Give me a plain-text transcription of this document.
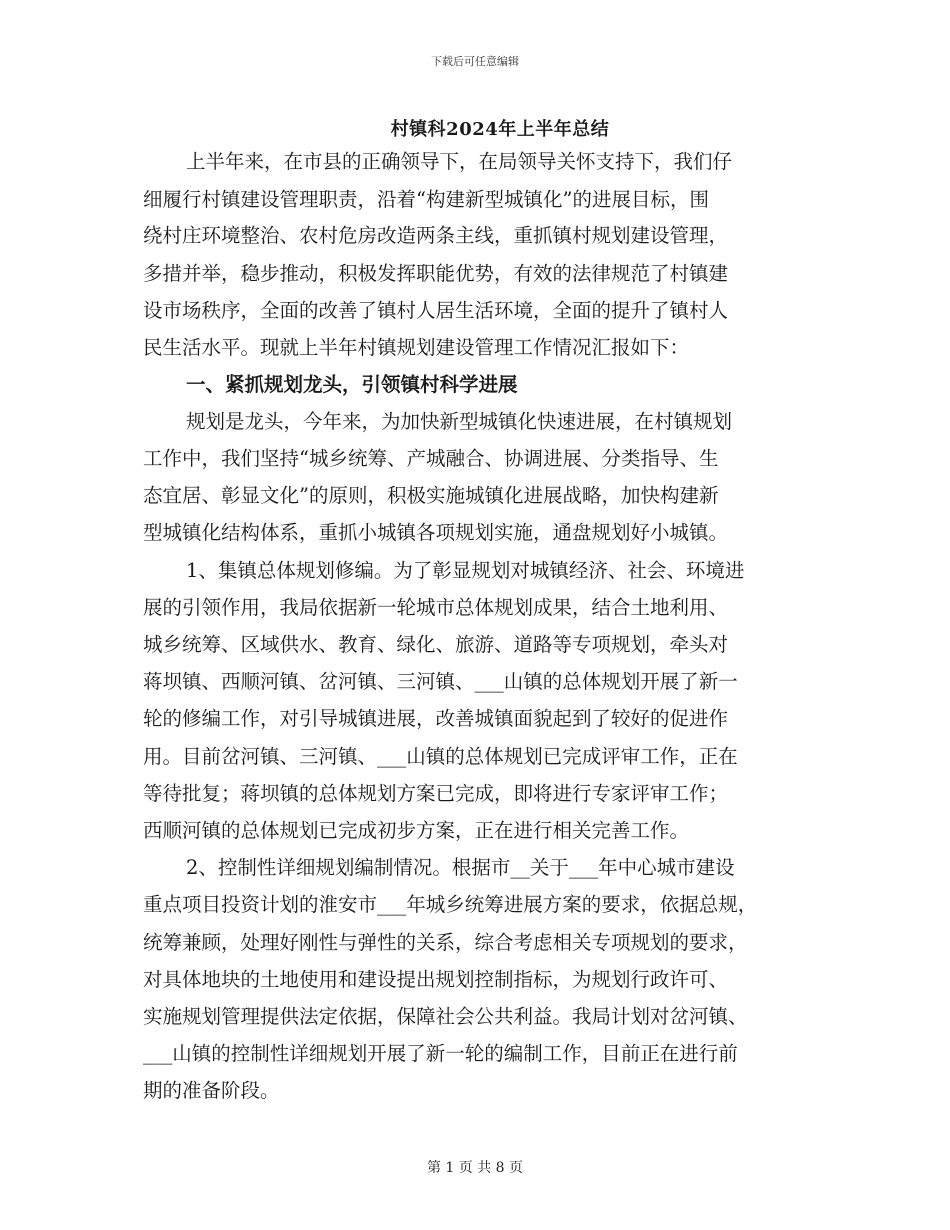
下载后可任意编辑
村镇科2024年上半年总结
上半年来，在市县的正确领导下，在局领导关怀支持下，我们仔
细履行村镇建设管理职责，沿着“构建新型城镇化”的进展目标，围
绕村庄环境整治、农村危房改造两条主线，重抓镇村规划建设管理，
多措并举，稳步推动，积极发挥职能优势，有效的法律规范了村镇建
设市场秩序，全面的改善了镇村人居生活环境，全面的提升了镇村人
民生活水平。现就上半年村镇规划建设管理工作情况汇报如下：
一、紧抓规划龙头，引领镇村科学进展
规划是龙头，今年来，为加快新型城镇化快速进展，在村镇规划
工作中，我们坚持“城乡统筹、产城融合、协调进展、分类指导、生
态宜居、彰显文化”的原则，积极实施城镇化进展战略，加快构建新
型城镇化结构体系，重抓小城镇各项规划实施，通盘规划好小城镇。
1、集镇总体规划修编。为了彰显规划对城镇经济、社会、环境进
展的引领作用，我局依据新一轮城市总体规划成果，结合土地利用、
城乡统筹、区域供水、教育、绿化、旅游、道路等专项规划，牵头对
蒋坝镇、西顺河镇、岔河镇、三河镇、___山镇的总体规划开展了新一
轮的修编工作，对引导城镇进展，改善城镇面貌起到了较好的促进作
用。目前岔河镇、三河镇、___山镇的总体规划已完成评审工作，正在
等待批复；蒋坝镇的总体规划方案已完成，即将进行专家评审工作；
西顺河镇的总体规划已完成初步方案，正在进行相关完善工作。
2、控制性详细规划编制情况。根据市__关于___年中心城市建设
重点项目投资计划的淮安市___年城乡统筹进展方案的要求，依据总规，
统筹兼顾，处理好刚性与弹性的关系，综合考虑相关专项规划的要求，
对具体地块的土地使用和建设提出规划控制指标，为规划行政许可、
实施规划管理提供法定依据，保障社会公共利益。我局计划对岔河镇、
___山镇的控制性详细规划开展了新一轮的编制工作，目前正在进行前
期的准备阶段。
第 1 页 共 8 页
